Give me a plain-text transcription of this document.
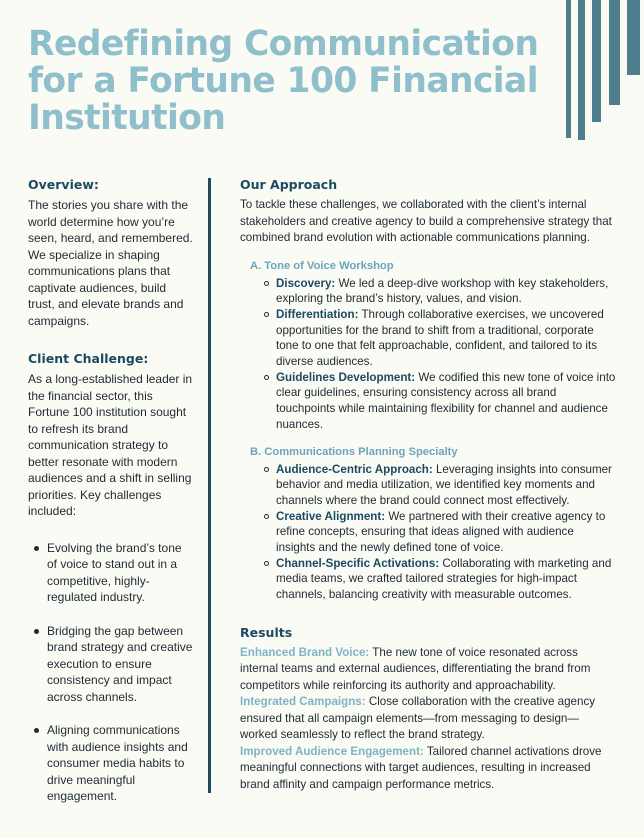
Redefining Communication for a Fortune 100 Financial Institution
Overview:

The stories you share with the world determine how you’re seen, heard, and remembered. We specialize in shaping communications plans that captivate audiences, build trust, and elevate brands and campaigns.

Client Challenge:

As a long-established leader in the financial sector, this Fortune 100 institution sought to refresh its brand communication strategy to better resonate with modern audiences and a shift in selling priorities. Key challenges included:

Evolving the brand’s tone of voice to stand out in a competitive, highly-regulated industry.
Bridging the gap between brand strategy and creative execution to ensure consistency and impact across channels.
Aligning communications with audience insights and consumer media habits to drive meaningful engagement.
Our Approach

To tackle these challenges, we collaborated with the client’s internal stakeholders and creative agency to build a comprehensive strategy that combined brand evolution with actionable communications planning.

A. Tone of Voice Workshop
Discovery: We led a deep-dive workshop with key stakeholders, exploring the brand’s history, values, and vision.
Differentiation: Through collaborative exercises, we uncovered opportunities for the brand to shift from a traditional, corporate tone to one that felt approachable, confident, and tailored to its diverse audiences.
Guidelines Development: We codified this new tone of voice into clear guidelines, ensuring consistency across all brand touchpoints while maintaining flexibility for channel and audience nuances.
B. Communications Planning Specialty
Audience-Centric Approach: Leveraging insights into consumer behavior and media utilization, we identified key moments and channels where the brand could connect most effectively.
Creative Alignment: We partnered with their creative agency to refine concepts, ensuring that ideas aligned with audience insights and the newly defined tone of voice.
Channel-Specific Activations: Collaborating with marketing and media teams, we crafted tailored strategies for high-impact channels, balancing creativity with measurable outcomes.
Results

Enhanced Brand Voice: The new tone of voice resonated across internal teams and external audiences, differentiating the brand from competitors while reinforcing its authority and approachability.

Integrated Campaigns: Close collaboration with the creative agency ensured that all campaign elements—from messaging to design—worked seamlessly to reflect the brand strategy.

Improved Audience Engagement: Tailored channel activations drove meaningful connections with target audiences, resulting in increased brand affinity and campaign performance metrics.
